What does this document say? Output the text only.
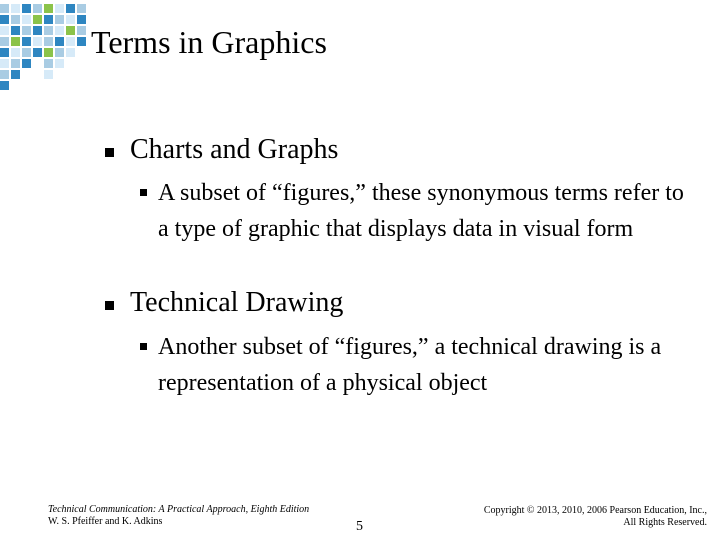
Terms in Graphics
Charts and Graphs
A subset of “figures,” these synonymous terms refer to a type of graphic that displays data in visual form
Technical Drawing
Another subset of “figures,” a technical drawing is a representation of a physical object
Technical Communication: A Practical Approach, Eighth Edition
W. S. Pfeiffer and K. Adkins	5
Copyright © 2013, 2010, 2006 Pearson Education, Inc.,
All Rights Reserved.
